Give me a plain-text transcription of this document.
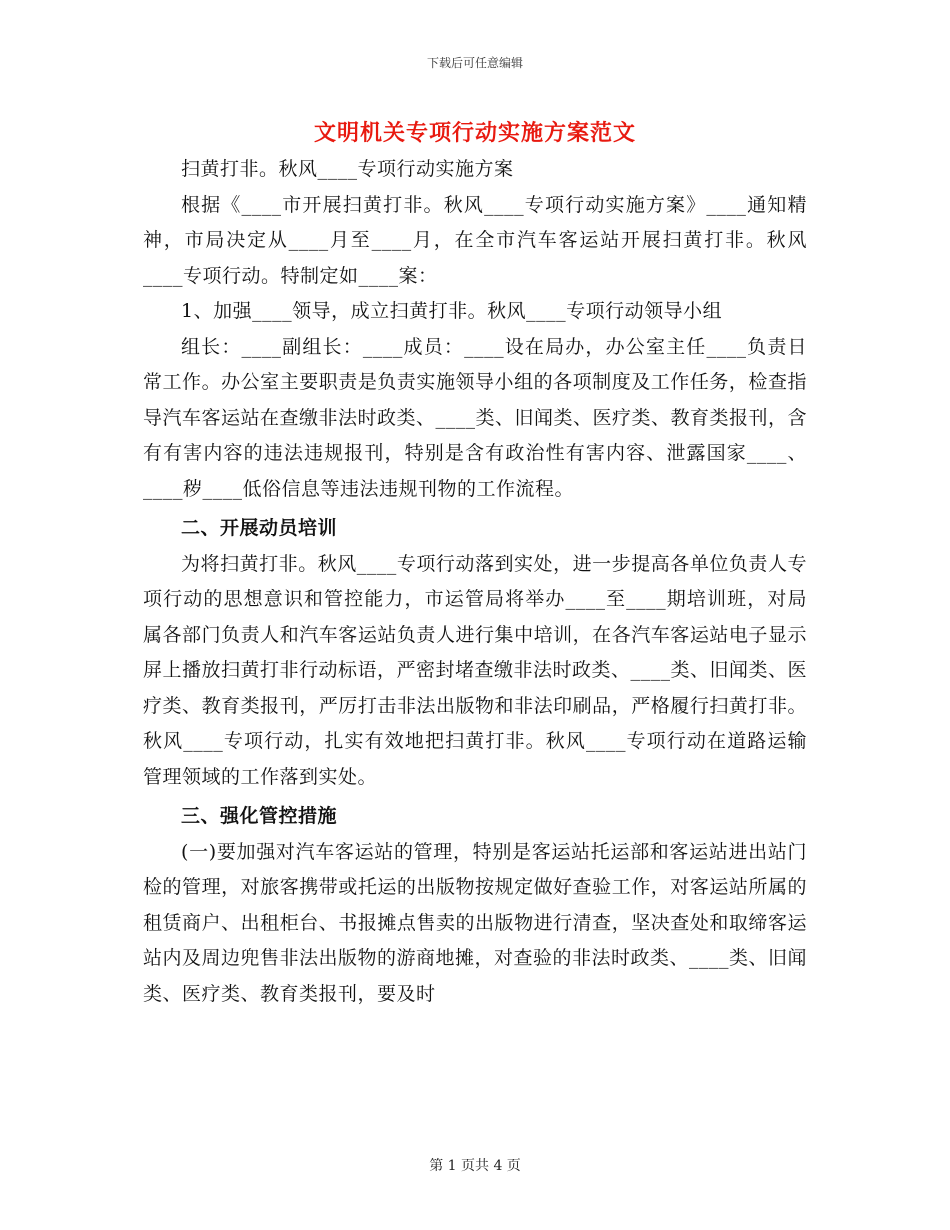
下载后可任意编辑
文明机关专项行动实施方案范文

扫黄打非。秋风____专项行动实施方案

根据《____市开展扫黄打非。秋风____专项行动实施方案》____通知精神，市局决定从____月至____月，在全市汽车客运站开展扫黄打非。秋风____专项行动。特制定如____案：

1、加强____领导，成立扫黄打非。秋风____专项行动领导小组

组长：____副组长：____成员：____设在局办，办公室主任____负责日常工作。办公室主要职责是负责实施领导小组的各项制度及工作任务，检查指导汽车客运站在查缴非法时政类、____类、旧闻类、医疗类、教育类报刊，含有有害内容的违法违规报刊，特别是含有政治性有害内容、泄露国家____、____秽____低俗信息等违法违规刊物的工作流程。

二、开展动员培训

为将扫黄打非。秋风____专项行动落到实处，进一步提高各单位负责人专项行动的思想意识和管控能力，市运管局将举办____至____期培训班，对局属各部门负责人和汽车客运站负责人进行集中培训，在各汽车客运站电子显示屏上播放扫黄打非行动标语，严密封堵查缴非法时政类、____类、旧闻类、医疗类、教育类报刊，严厉打击非法出版物和非法印刷品，严格履行扫黄打非。秋风____专项行动，扎实有效地把扫黄打非。秋风____专项行动在道路运输管理领域的工作落到实处。

三、强化管控措施

(一)要加强对汽车客运站的管理，特别是客运站托运部和客运站进出站门检的管理，对旅客携带或托运的出版物按规定做好查验工作，对客运站所属的租赁商户、出租柜台、书报摊点售卖的出版物进行清查，坚决查处和取缔客运站内及周边兜售非法出版物的游商地摊，对查验的非法时政类、____类、旧闻类、医疗类、教育类报刊，要及时

第 1 页共 4 页
